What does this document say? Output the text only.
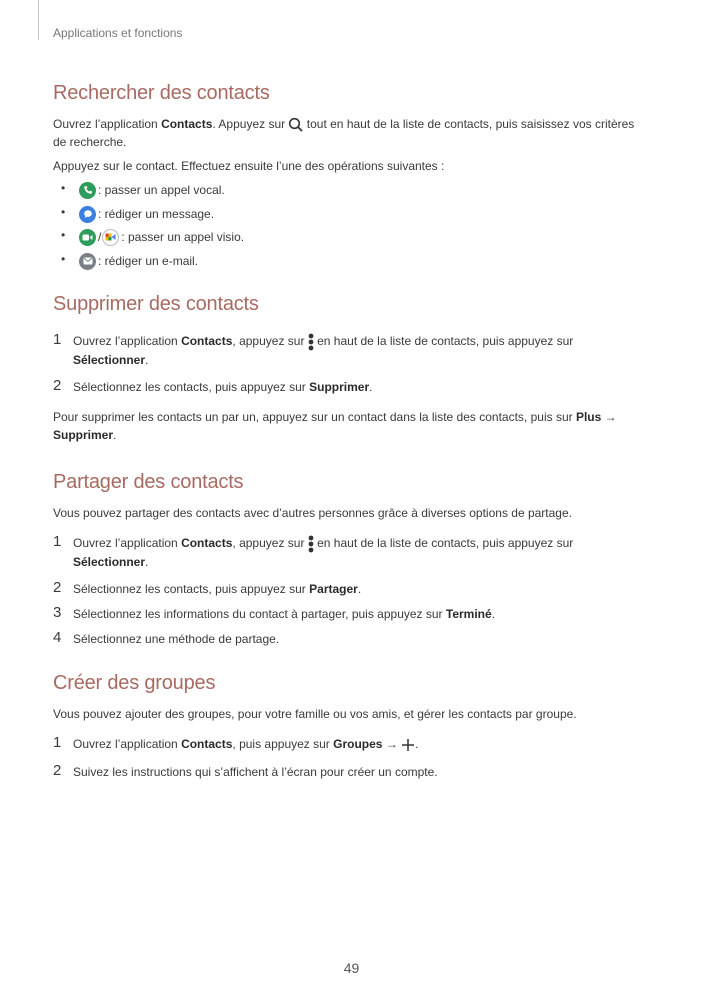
Applications et fonctions
Rechercher des contacts
Ouvrez l’application Contacts. Appuyez sur  tout en haut de la liste de contacts, puis saisissez vos critères
de recherche.
Appuyez sur le contact. Effectuez ensuite l’une des opérations suivantes :
•	: passer un appel vocal.
•	: rédiger un message.
•	/ : passer un appel visio.
•	: rédiger un e-mail.
Supprimer des contacts
1 Ouvrez l’application Contacts, appuyez sur  en haut de la liste de contacts, puis appuyez sur
Sélectionner.
2 Sélectionnez les contacts, puis appuyez sur Supprimer.
Pour supprimer les contacts un par un, appuyez sur un contact dans la liste des contacts, puis sur Plus →
Supprimer.
Partager des contacts
Vous pouvez partager des contacts avec d’autres personnes grâce à diverses options de partage.
1 Ouvrez l’application Contacts, appuyez sur  en haut de la liste de contacts, puis appuyez sur
Sélectionner.
2 Sélectionnez les contacts, puis appuyez sur Partager.
3 Sélectionnez les informations du contact à partager, puis appuyez sur Terminé.
4 Sélectionnez une méthode de partage.
Créer des groupes
Vous pouvez ajouter des groupes, pour votre famille ou vos amis, et gérer les contacts par groupe.
1 Ouvrez l’application Contacts, puis appuyez sur Groupes → .
2 Suivez les instructions qui s’affichent à l’écran pour créer un compte.
49
